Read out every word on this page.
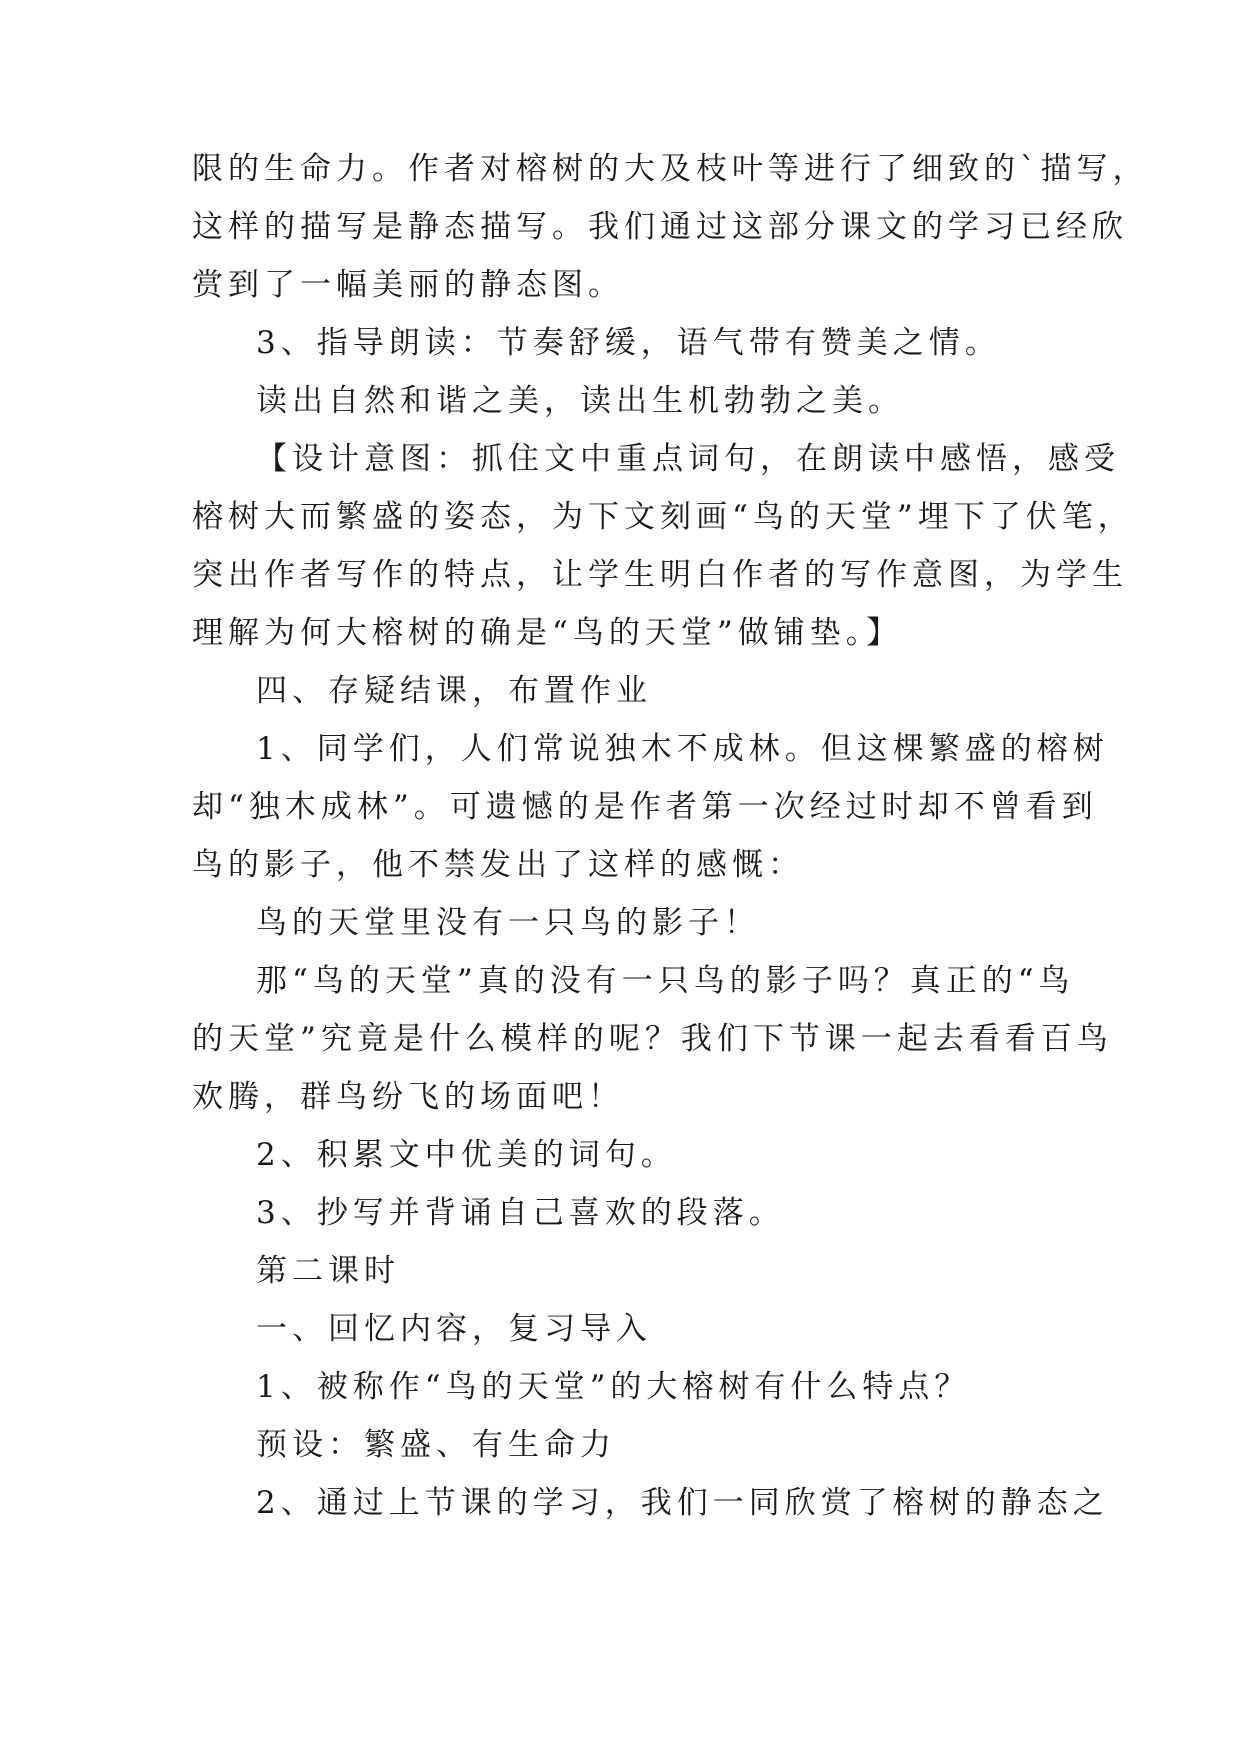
限的生命力。作者对榕树的大及枝叶等进行了细致的`描写，

这样的描写是静态描写。我们通过这部分课文的学习已经欣

赏到了一幅美丽的静态图。

3、指导朗读：节奏舒缓，语气带有赞美之情。

读出自然和谐之美，读出生机勃勃之美。

【设计意图：抓住文中重点词句，在朗读中感悟，感受

榕树大而繁盛的姿态，为下文刻画“鸟的天堂”埋下了伏笔，

突出作者写作的特点，让学生明白作者的写作意图，为学生

理解为何大榕树的确是“鸟的天堂”做铺垫。】

四、存疑结课，布置作业

1、同学们，人们常说独木不成林。但这棵繁盛的榕树

却“独木成林”。可遗憾的是作者第一次经过时却不曾看到

鸟的影子，他不禁发出了这样的感慨：

鸟的天堂里没有一只鸟的影子！

那“鸟的天堂”真的没有一只鸟的影子吗？真正的“鸟

的天堂”究竟是什么模样的呢？我们下节课一起去看看百鸟

欢腾，群鸟纷飞的场面吧！

2、积累文中优美的词句。

3、抄写并背诵自己喜欢的段落。

第二课时

一、回忆内容，复习导入

1、被称作“鸟的天堂”的大榕树有什么特点？

预设：繁盛、有生命力

2、通过上节课的学习，我们一同欣赏了榕树的静态之
